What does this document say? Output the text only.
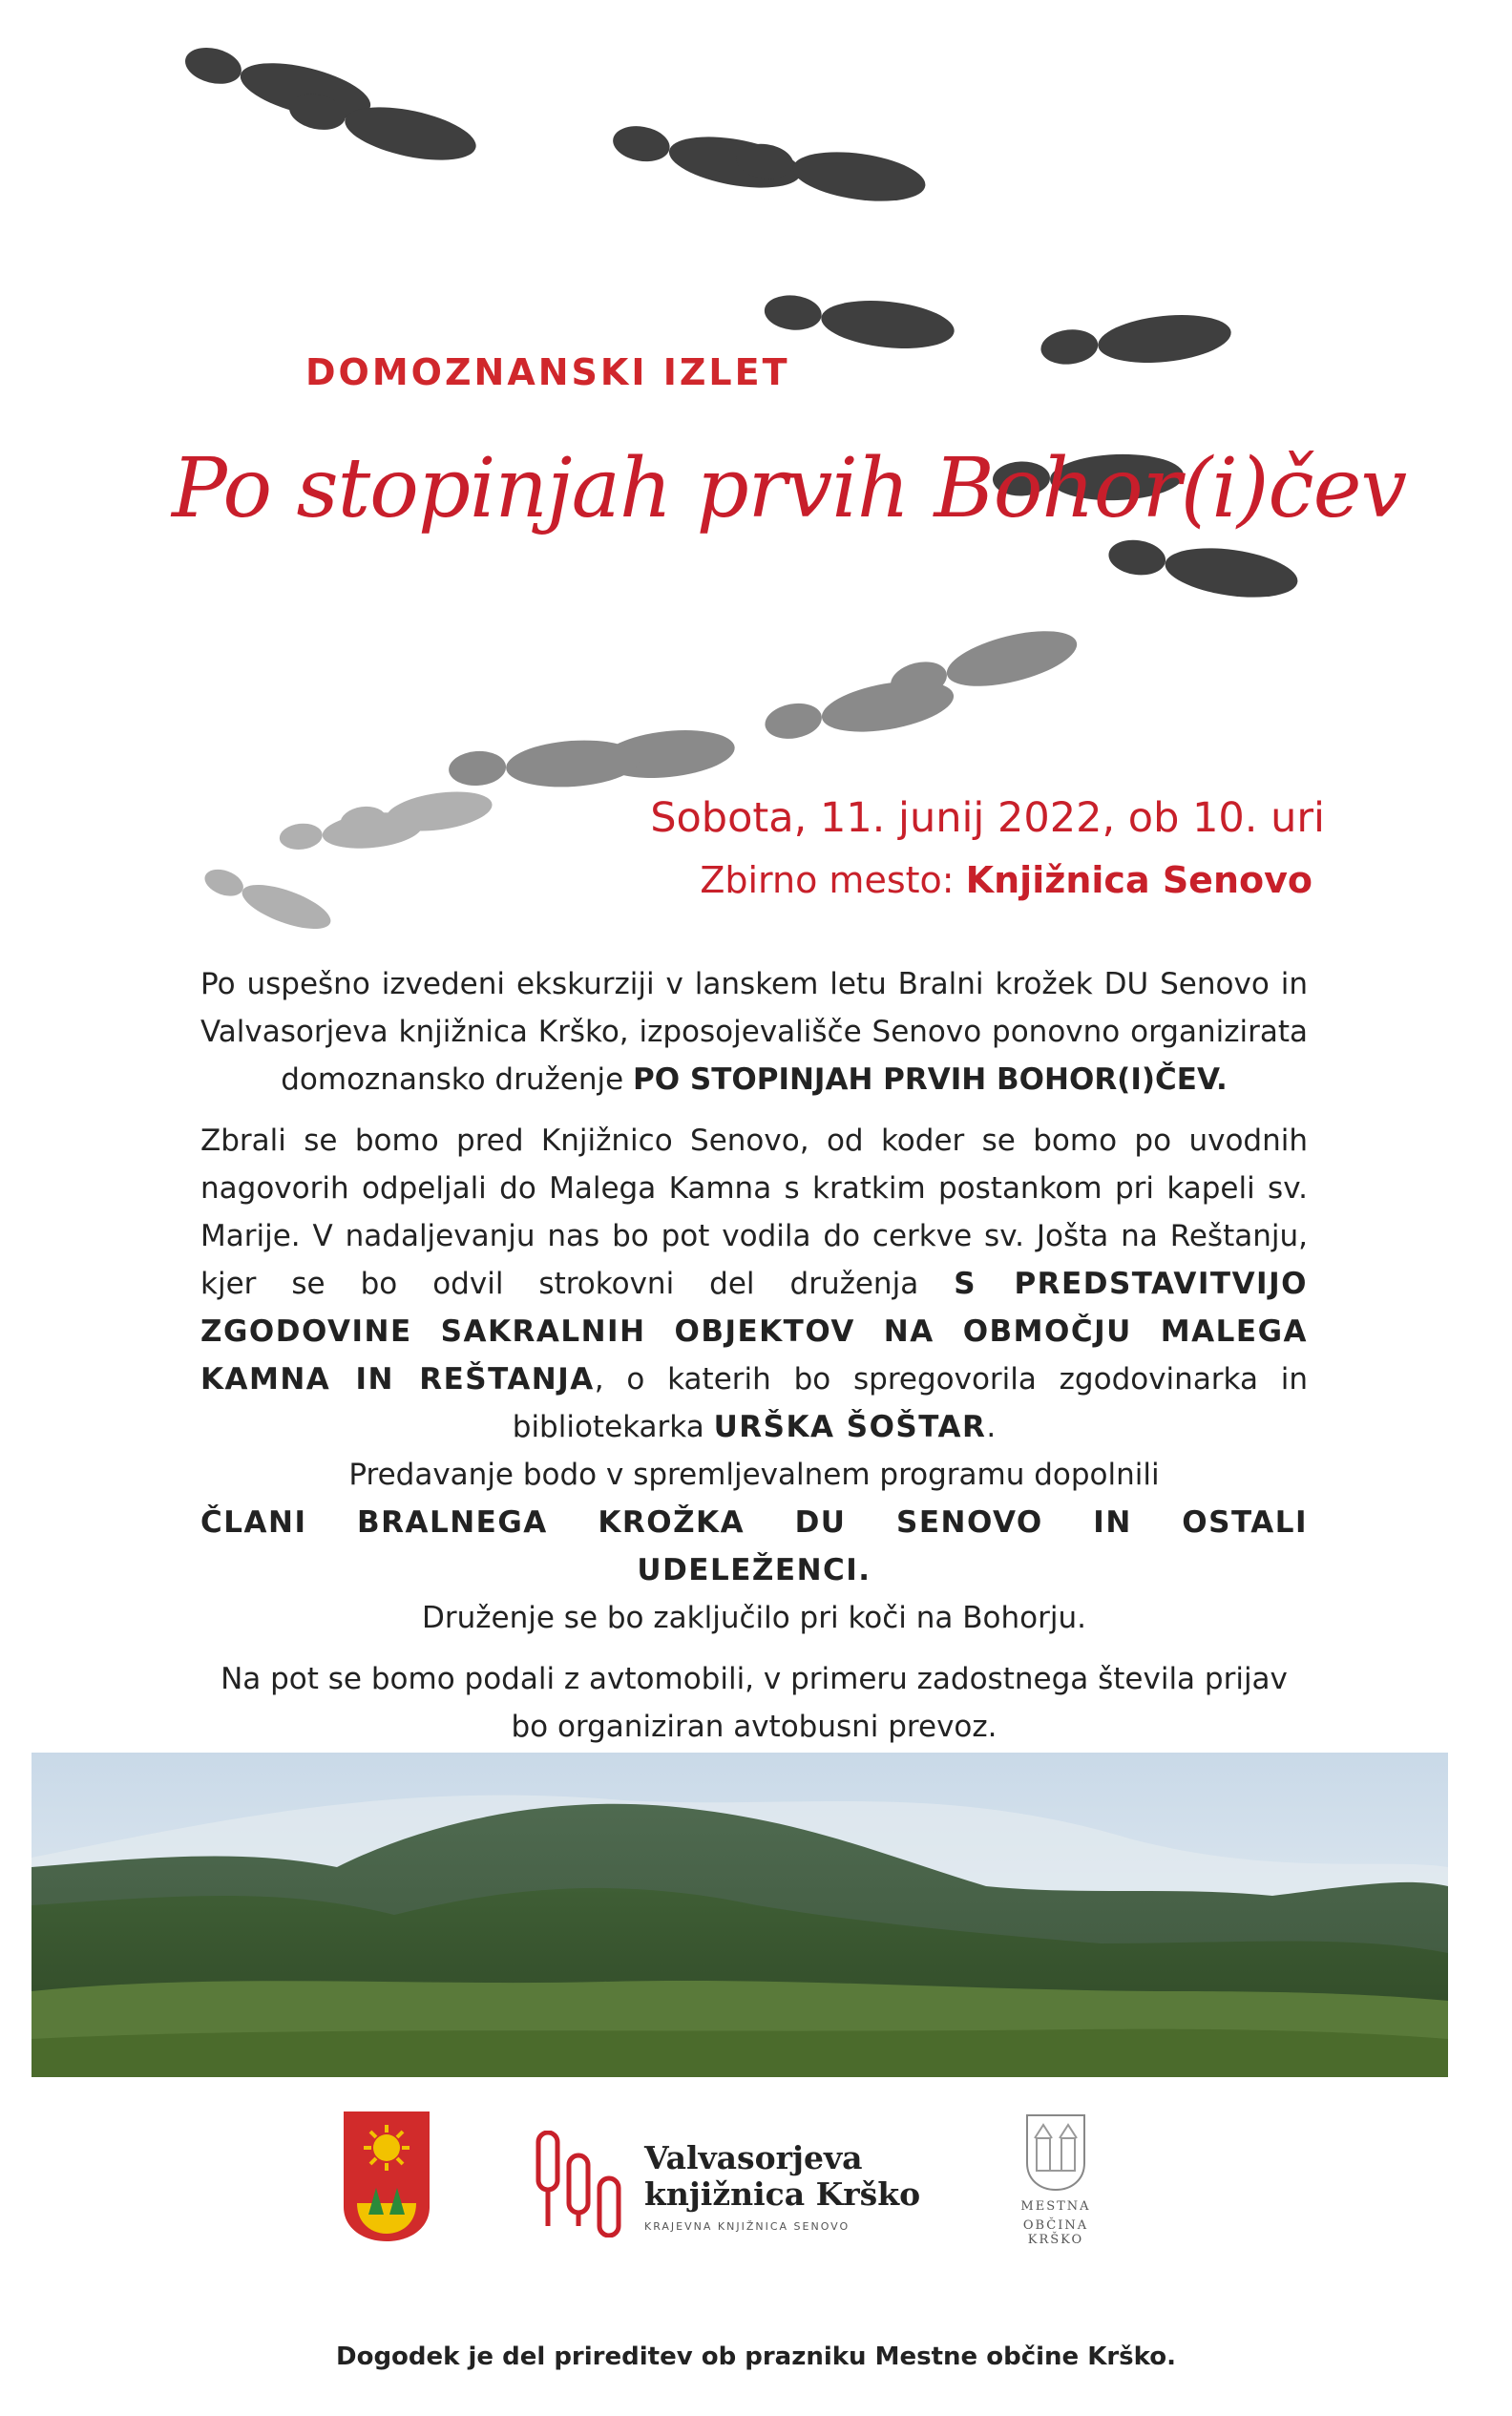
DOMOZNANSKI IZLET
Po stopinjah prvih Bohor(i)čev
Sobota, 11. junij 2022, ob 10. uri
Zbirno mesto: Knjižnica Senovo

Po uspešno izvedeni ekskurziji v lanskem letu Bralni krožek DU Senovo in Valvasorjeva knjižnica Krško, izposojevališče Senovo ponovno organizirata domoznansko druženje PO STOPINJAH PRVIH BOHOR(I)ČEV.

Zbrali se bomo pred Knjižnico Senovo, od koder se bomo po uvodnih nagovorih odpeljali do Malega Kamna s kratkim postankom pri kapeli sv. Marije. V nadaljevanju nas bo pot vodila do cerkve sv. Jošta na Reštanju, kjer se bo odvil strokovni del druženja S PREDSTAVITVIJO ZGODOVINE SAKRALNIH OBJEKTOV NA OBMOČJU MALEGA KAMNA IN REŠTANJA, o katerih bo spregovorila zgodovinarka in bibliotekarka URŠKA ŠOŠTAR.
Predavanje bodo v spremljevalnem programu dopolnili
ČLANI BRALNEGA KROŽKA DU SENOVO IN OSTALI UDELEŽENCI.
Druženje se bo zaključilo pri koči na Bohorju.

Na pot se bomo podali z avtomobili, v primeru zadostnega števila prijav
bo organiziran avtobusni prevoz.

Valvasorjeva
knjižnica Krško
KRAJEVNA KNJIŽNICA SENOVO
MESTNA
OBČINA KRŠKO
Dogodek je del prireditev ob prazniku Mestne občine Krško.
